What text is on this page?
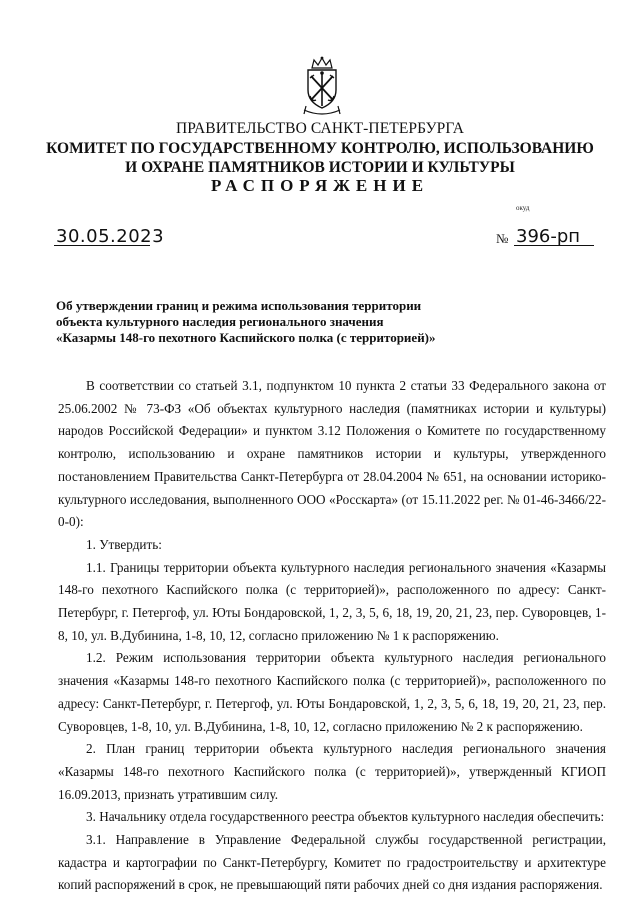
ПРАВИТЕЛЬСТВО САНКТ-ПЕТЕРБУРГА
КОМИТЕТ ПО ГОСУДАРСТВЕННОМУ КОНТРОЛЮ, ИСПОЛЬЗОВАНИЮ
И ОХРАНЕ ПАМЯТНИКОВ ИСТОРИИ И КУЛЬТУРЫ
РАСПОРЯЖЕНИЕ
окуд
30.05.2023	№ 396-рп
Об утверждении границ и режима использования территории
объекта культурного наследия регионального значения
«Казармы 148-го пехотного Каспийского полка (с территорией)»

В соответствии со статьей 3.1, подпунктом 10 пункта 2 статьи 33 Федерального закона от 25.06.2002 № 73-ФЗ «Об объектах культурного наследия (памятниках истории и культуры) народов Российской Федерации» и пунктом 3.12 Положения о Комитете по государственному контролю, использованию и охране памятников истории и культуры, утвержденного постановлением Правительства Санкт-Петербурга от 28.04.2004 № 651, на основании историко-культурного исследования, выполненного ООО «Росскарта» (от 15.11.2022 рег. № 01-46-3466/22-0-0):

1. Утвердить:

1.1. Границы территории объекта культурного наследия регионального значения «Казармы 148-го пехотного Каспийского полка (с территорией)», расположенного по адресу: Санкт-Петербург, г. Петергоф, ул. Юты Бондаровской, 1, 2, 3, 5, 6, 18, 19, 20, 21, 23, пер. Суворовцев, 1-8, 10, ул. В.Дубинина, 1-8, 10, 12, согласно приложению № 1 к распоряжению.

1.2. Режим использования территории объекта культурного наследия регионального значения «Казармы 148-го пехотного Каспийского полка (с территорией)», расположенного по адресу: Санкт-Петербург, г. Петергоф, ул. Юты Бондаровской, 1, 2, 3, 5, 6, 18, 19, 20, 21, 23, пер. Суворовцев, 1-8, 10, ул. В.Дубинина, 1-8, 10, 12, согласно приложению № 2 к распоряжению.

2. План границ территории объекта культурного наследия регионального значения «Казармы 148-го пехотного Каспийского полка (с территорией)», утвержденный КГИОП 16.09.2013, признать утратившим силу.

3. Начальнику отдела государственного реестра объектов культурного наследия обеспечить:

3.1. Направление в Управление Федеральной службы государственной регистрации, кадастра и картографии по Санкт-Петербургу, Комитет по градостроительству и архитектуре копий распоряжений в срок, не превышающий пяти рабочих дней со дня издания распоряжения.
